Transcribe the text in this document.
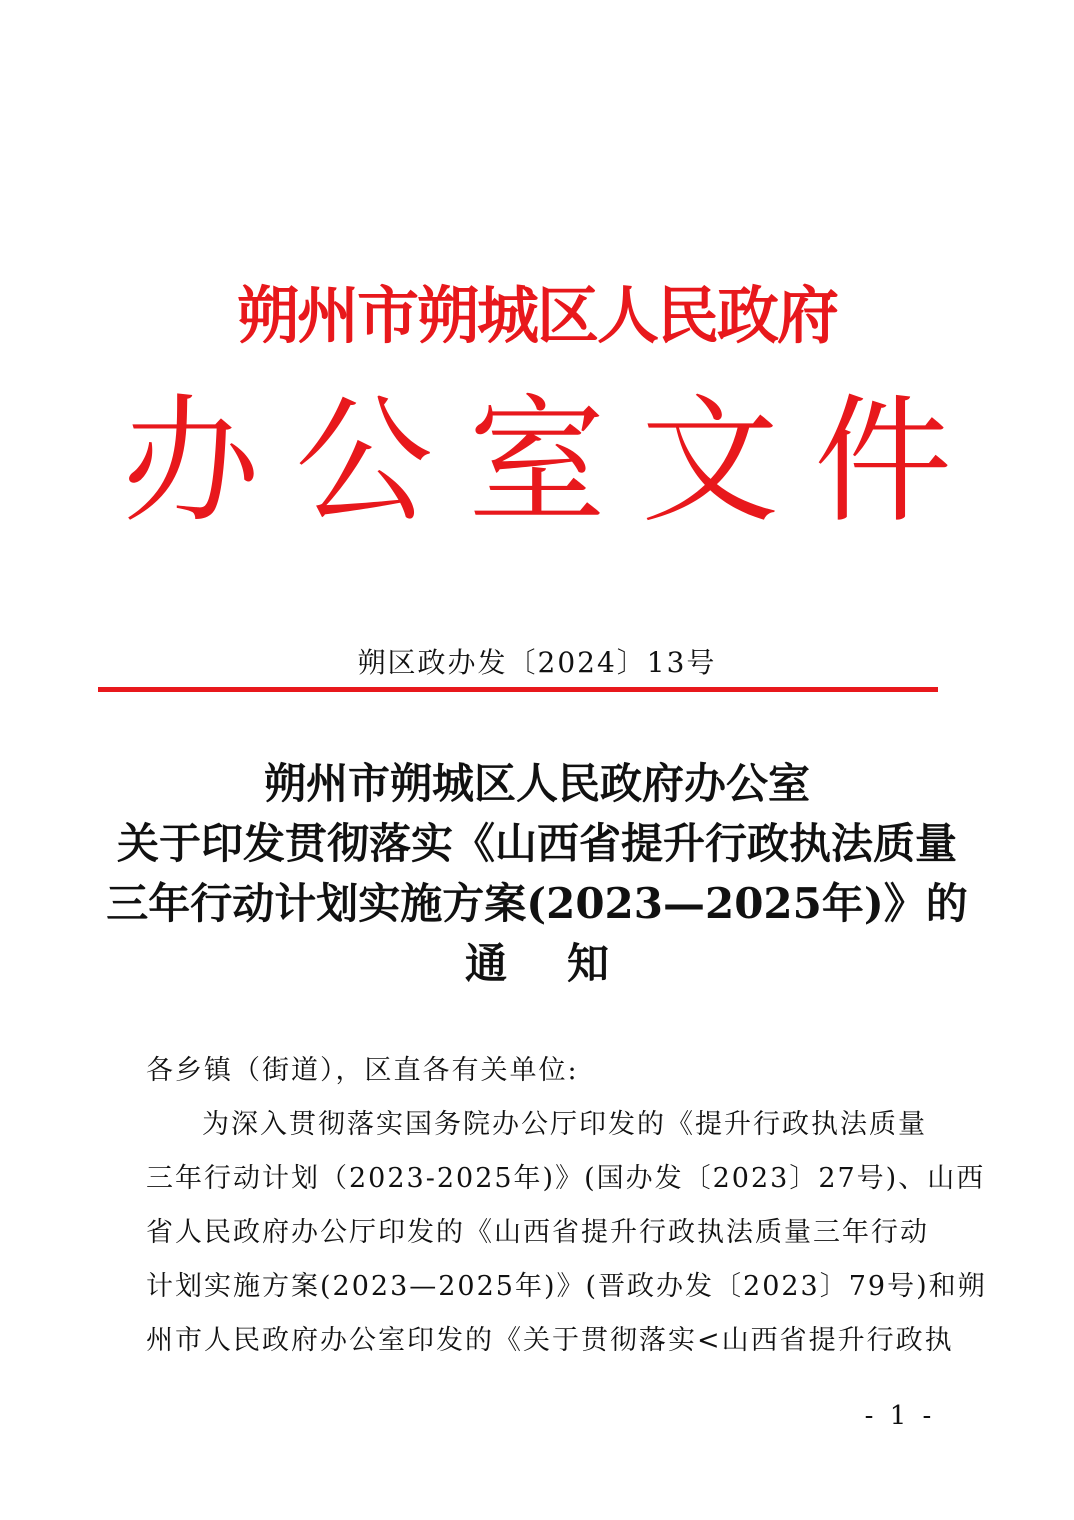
朔州市朔城区人民政府
办公室文件
朔区政办发〔2024〕13号
朔州市朔城区人民政府办公室
关于印发贯彻落实《山西省提升行政执法质量
三年行动计划实施方案(2023—2025年)》的
通知
各乡镇（街道），区直各有关单位:
为深入贯彻落实国务院办公厅印发的《提升行政执法质量
三年行动计划（2023-2025年)》(国办发〔2023〕27号)、山西
省人民政府办公厅印发的《山西省提升行政执法质量三年行动
计划实施方案(2023—2025年)》(晋政办发〔2023〕79号)和朔
州市人民政府办公室印发的《关于贯彻落实<山西省提升行政执
- 1 -
